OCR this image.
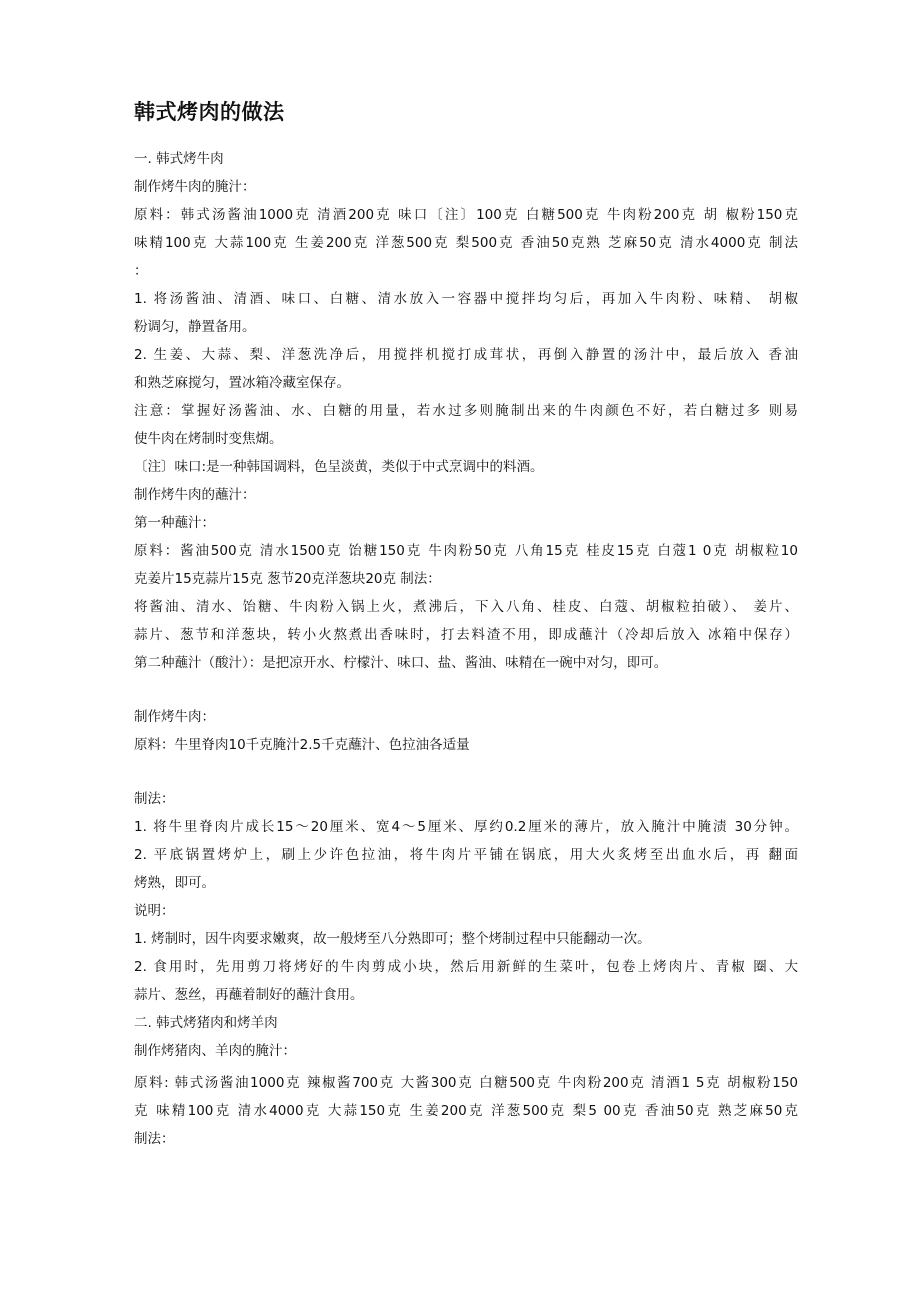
韩式烤肉的做法
一. 韩式烤牛肉
制作烤牛肉的腌汁：
原料：韩式汤酱油1000克 清酒200克 味口〔注〕100克 白糖500克 牛肉粉200克 胡 椒粉150克
味精100克 大蒜100克 生姜200克 洋葱500克 梨500克 香油50克熟 芝麻50克 清水4000克 制法
：
1. 将汤酱油、清酒、味口、白糖、清水放入一容器中搅拌均匀后，再加入牛肉粉、味精、 胡椒
粉调匀，静置备用。
2. 生姜、大蒜、梨、洋葱洗净后，用搅拌机搅打成茸状，再倒入静置的汤汁中，最后放入 香油
和熟芝麻搅匀，置冰箱冷藏室保存。
注意：掌握好汤酱油、水、白糖的用量，若水过多则腌制出来的牛肉颜色不好，若白糖过多 则易
使牛肉在烤制时变焦煳。
〔注〕味口:是一种韩国调料，色呈淡黄，类似于中式烹调中的料酒。
制作烤牛肉的蘸汁：
第一种蘸汁：
原料：酱油500克 清水1500克 饴糖150克 牛肉粉50克 八角15克 桂皮15克 白蔻1 0克 胡椒粒10
克姜片15克蒜片15克 葱节20克洋葱块20克 制法：
将酱油、清水、饴糖、牛肉粉入锅上火，煮沸后，下入八角、桂皮、白蔻、胡椒粒拍破）、 姜片、
蒜片、葱节和洋葱块，转小火熬煮出香味时，打去料渣不用，即成蘸汁（冷却后放入 冰箱中保存）
第二种蘸汁（酸汁）：是把凉开水、柠檬汁、味口、盐、酱油、味精在一碗中对匀，即可。
制作烤牛肉：
原料：牛里脊肉10千克腌汁2.5千克蘸汁、色拉油各适量
制法：
1. 将牛里脊肉片成长15〜20厘米、宽4〜5厘米、厚约0.2厘米的薄片，放入腌汁中腌渍 30分钟。
2. 平底锅置烤炉上，刷上少许色拉油，将牛肉片平铺在锅底，用大火炙烤至出血水后，再 翻面
烤熟，即可。
说明：
1. 烤制时，因牛肉要求嫩爽，故一般烤至八分熟即可；整个烤制过程中只能翻动一次。
2. 食用时，先用剪刀将烤好的牛肉剪成小块，然后用新鲜的生菜叶，包卷上烤肉片、青椒 圈、大
蒜片、葱丝，再蘸着制好的蘸汁食用。
二. 韩式烤猪肉和烤羊肉
制作烤猪肉、羊肉的腌汁：
原料: 韩式汤酱油1000克 辣椒酱700克 大酱300克 白糖500克 牛肉粉200克 清酒1 5克 胡椒粉150
克 味精100克 清水4000克 大蒜150克 生姜200克 洋葱500克 梨5 00克 香油50克 熟芝麻50克
制法：
